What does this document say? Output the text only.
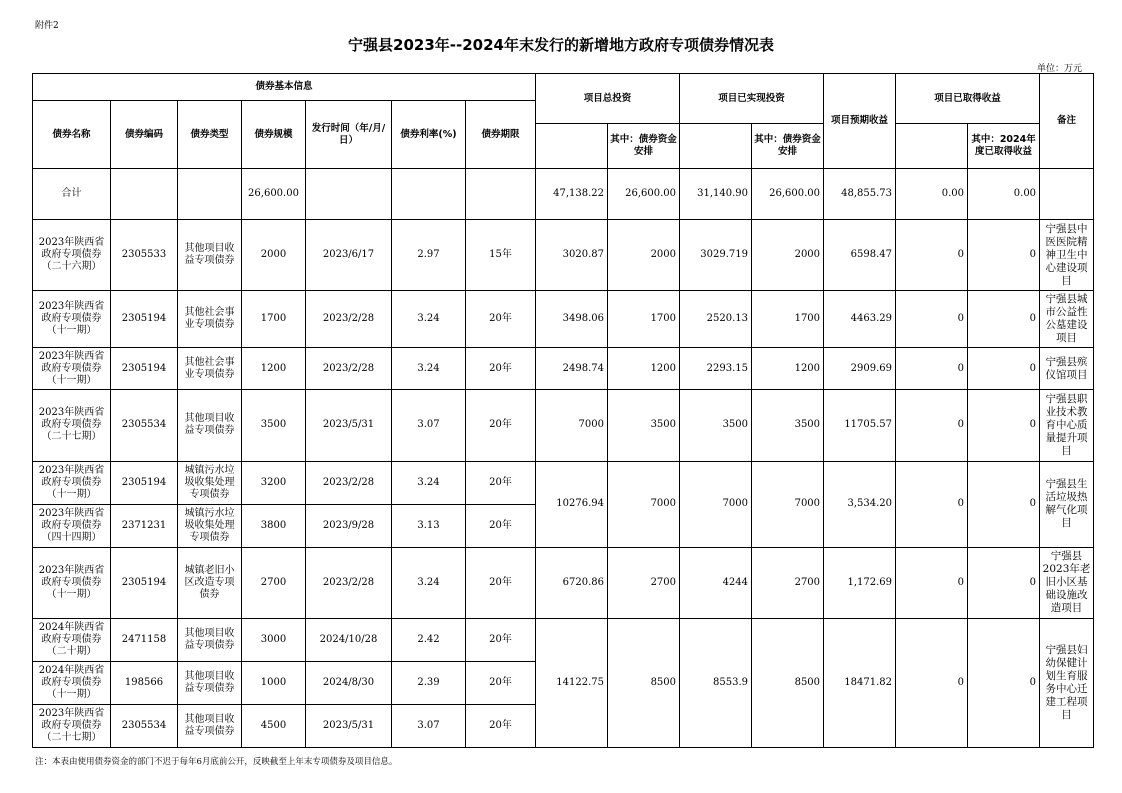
附件2
宁强县2023年--2024年末发行的新增地方政府专项债券情况表
单位：万元
债券基本信息							项目总投资		项目已实现投资		项目预期收益	项目已取得收益		备注
债券名称	债券编码	债券类型	债券规模	发行时间（年/月/日）	债券利率(%)	债券期限								
								其中：债券资金安排		其中：债券资金安排			其中：2024年度已取得收益	
合计			26,600.00				47,138.22	26,600.00	31,140.90	26,600.00	48,855.73	0.00	0.00	
2023年陕西省政府专项债券（二十六期）	2305533	其他项目收益专项债券	2000	2023/6/17	2.97	15年	3020.87	2000	3029.719	2000	6598.47	0	0	宁强县中医医院精神卫生中心建设项目
2023年陕西省政府专项债券（十一期）	2305194	其他社会事业专项债券	1700	2023/2/28	3.24	20年	3498.06	1700	2520.13	1700	4463.29	0	0	宁强县城市公益性公墓建设项目
2023年陕西省政府专项债券（十一期）	2305194	其他社会事业专项债券	1200	2023/2/28	3.24	20年	2498.74	1200	2293.15	1200	2909.69	0	0	宁强县殡仪馆项目
2023年陕西省政府专项债券（二十七期）	2305534	其他项目收益专项债券	3500	2023/5/31	3.07	20年	7000	3500	3500	3500	11705.57	0	0	宁强县职业技术教育中心质量提升项目
2023年陕西省政府专项债券（十一期）	2305194	城镇污水垃圾收集处理专项债券	3200	2023/2/28	3.24	20年	10276.94	7000	7000	7000	3,534.20	0	0	宁强县生活垃圾热解气化项目
2023年陕西省政府专项债券（四十四期）	2371231	城镇污水垃圾收集处理专项债券	3800	2023/9/28	3.13	20年								
2023年陕西省政府专项债券（十一期）	2305194	城镇老旧小区改造专项债券	2700	2023/2/28	3.24	20年	6720.86	2700	4244	2700	1,172.69	0	0	宁强县2023年老旧小区基础设施改造项目
2024年陕西省政府专项债券（二十期）	2471158	其他项目收益专项债券	3000	2024/10/28	2.42	20年	14122.75	8500	8553.9	8500	18471.82	0	0	宁强县妇幼保健计划生育服务中心迁建工程项目
2024年陕西省政府专项债券（十一期）	198566	其他项目收益专项债券	1000	2024/8/30	2.39	20年								
2023年陕西省政府专项债券（二十七期）	2305534	其他项目收益专项债券	4500	2023/5/31	3.07	20年								
注：本表由使用债券资金的部门不迟于每年6月底前公开，反映截至上年末专项债券及项目信息。
